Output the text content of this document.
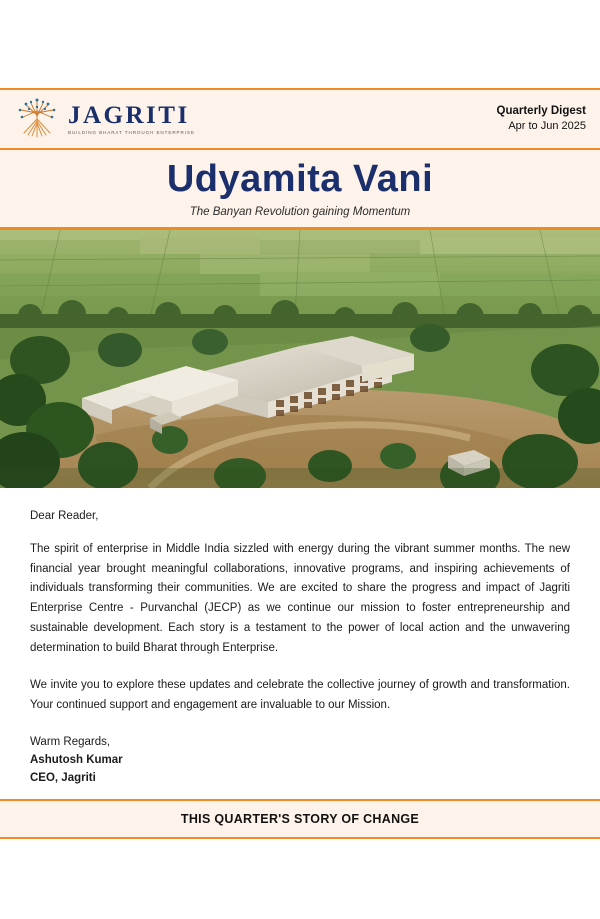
JAGRITI
BUILDING BHARAT THROUGH ENTERPRISE
Quarterly Digest
Apr to Jun 2025
Udyamita Vani
The Banyan Revolution gaining Momentum
Dear Reader,

The spirit of enterprise in Middle India sizzled with energy during the vibrant summer months. The new financial year brought meaningful collaborations, innovative programs, and inspiring achievements of individuals transforming their communities. We are excited to share the progress and impact of Jagriti Enterprise Centre - Purvanchal (JECP) as we continue our mission to foster entrepreneurship and sustainable development. Each story is a testament to the power of local action and the unwavering determination to build Bharat through Enterprise.

We invite you to explore these updates and celebrate the collective journey of growth and transformation. Your continued support and engagement are invaluable to our Mission.

Warm Regards,
Ashutosh Kumar
CEO, Jagriti
THIS QUARTER'S STORY OF CHANGE
